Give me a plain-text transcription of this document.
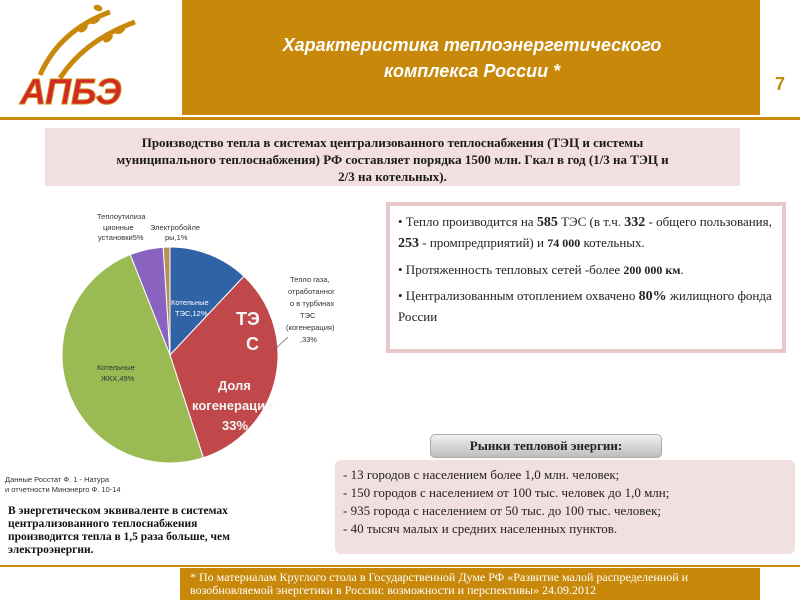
АПБЭ
Характеристика теплоэнергетического
комплекса России *
7
Производство тепла в системах централизованного теплоснабжения (ТЭЦ и системы
муниципального теплоснабжения) РФ составляет порядка 1500 млн. Гкал в год (1/3 на ТЭЦ и
2/3 на котельных).
Теплоутилиза
ционные
установки5%
Электробойле
ры,1%
Тепло газа,
отработанног
о в турбинах
ТЭС
(когенерация)
,33%
Котельные
ТЭС,12%
Котельные
ЖКХ,49%
ТЭ
С
Доля
когенерации
33%

• Тепло производится на 585 ТЭС (в т.ч. 332 - общего пользования, 253 - промпредприятий) и 74 000 котельных.

• Протяженность тепловых сетей -более 200 000 км.

• Централизованным отоплением охвачено 80% жилищного фонда России

Данные Росстат Ф. 1 - Натура
и отчетности Минэнерго Ф. 10-14
В энергетическом эквиваленте в системах
централизованного теплоснабжения
производится тепла в 1,5 раза больше, чем
электроэнергии.
- 13 городов с населением более 1,0 млн. человек;
- 150 городов с населением от 100 тыс. человек до 1,0 млн;
- 935 города с населением от 50 тыс. до 100 тыс. человек;
- 40 тысяч малых и средних населенных пунктов.
Рынки тепловой энергии:
* По материалам Круглого стола в Государственной Думе РФ «Развитие малой распределенной и
возобновляемой энергетики в России: возможности и перспективы» 24.09.2012
